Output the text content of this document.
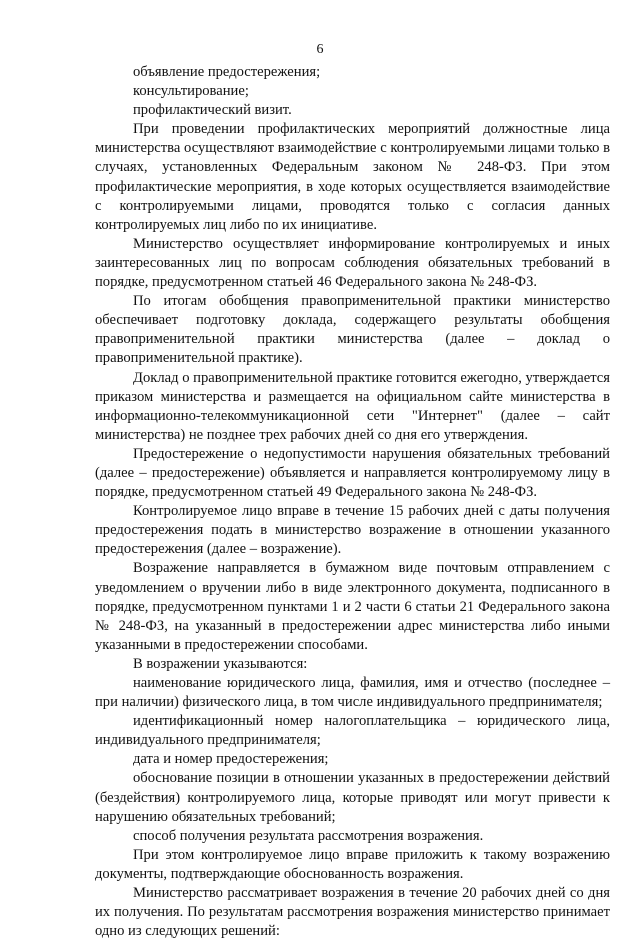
6

объявление предостережения;

консультирование;

профилактический визит.

При проведении профилактических мероприятий должностные лица министерства осуществляют взаимодействие с контролируемыми лицами только в случаях, установленных Федеральным законом № 248-ФЗ. При этом профилактические мероприятия, в ходе которых осуществляется взаимодействие с контролируемыми лицами, проводятся только с согласия данных контролируемых лиц либо по их инициативе.

Министерство осуществляет информирование контролируемых и иных заинтересованных лиц по вопросам соблюдения обязательных требований в порядке, предусмотренном статьей 46 Федерального закона № 248-ФЗ.

По итогам обобщения правоприменительной практики министерство обеспечивает подготовку доклада, содержащего результаты обобщения правоприменительной практики министерства (далее – доклад о правоприменительной практике).

Доклад о правоприменительной практике готовится ежегодно, утверждается приказом министерства и размещается на официальном сайте министерства в информационно-телекоммуникационной сети "Интернет" (далее – сайт министерства) не позднее трех рабочих дней со дня его утверждения.

Предостережение о недопустимости нарушения обязательных требований (далее – предостережение) объявляется и направляется контролируемому лицу в порядке, предусмотренном статьей 49 Федерального закона № 248-ФЗ.

Контролируемое лицо вправе в течение 15 рабочих дней с даты получения предостережения подать в министерство возражение в отношении указанного предостережения (далее – возражение).

Возражение направляется в бумажном виде почтовым отправлением с уведомлением о вручении либо в виде электронного документа, подписанного в порядке, предусмотренном пунктами 1 и 2 части 6 статьи 21 Федерального закона № 248-ФЗ, на указанный в предостережении адрес министерства либо иными указанными в предостережении способами.

В возражении указываются:

наименование юридического лица, фамилия, имя и отчество (последнее – при наличии) физического лица, в том числе индивидуального предпринимателя;

идентификационный номер налогоплательщика – юридического лица, индивидуального предпринимателя;

дата и номер предостережения;

обоснование позиции в отношении указанных в предостережении действий (бездействия) контролируемого лица, которые приводят или могут привести к нарушению обязательных требований;

способ получения результата рассмотрения возражения.

При этом контролируемое лицо вправе приложить к такому возражению документы, подтверждающие обоснованность возражения.

Министерство рассматривает возражения в течение 20 рабочих дней со дня их получения. По результатам рассмотрения возражения министерство принимает одно из следующих решений:
